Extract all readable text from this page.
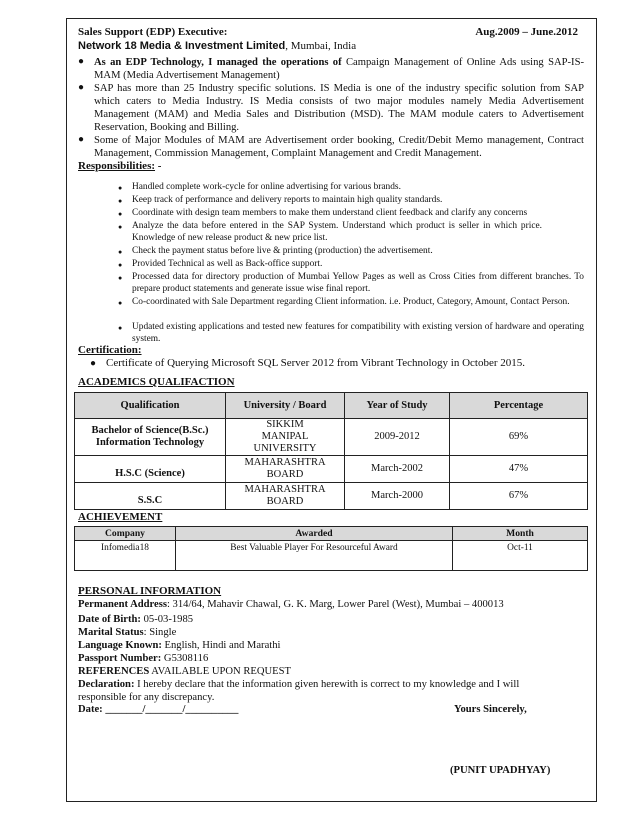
Sales Support (EDP) Executive:	Aug.2009 – June.2012
Network 18 Media & Investment Limited, Mumbai, India
● As an EDP Technology, I managed the operations of Campaign Management of Online Ads using SAP-IS-MAM (Media Advertisement Management)
● SAP has more than 25 Industry specific solutions. IS Media is one of the industry specific solution from SAP which caters to Media Industry. IS Media consists of two major modules namely Media Advertisement Management (MAM) and Media Sales and Distribution (MSD). The MAM module caters to Advertisement Reservation, Booking and Billing.
● Some of Major Modules of MAM are Advertisement order booking, Credit/Debit Memo management, Contract Management, Commission Management, Complaint Management and Credit Management.
Responsibilities: -
● Handled complete work-cycle for online advertising for various brands.
● Keep track of performance and delivery reports to maintain high quality standards.
● Coordinate with design team members to make them understand client feedback and clarify any concerns
● Analyze the data before entered in the SAP System. Understand which product is seller in which price. Knowledge of new release product & new price list.
● Check the payment status before live & printing (production) the advertisement.
● Provided Technical as well as Back-office support.
● Processed data for directory production of Mumbai Yellow Pages as well as Cross Cities from different branches. To prepare product statements and generate issue wise final report.
● Co-coordinated with Sale Department regarding Client information. i.e. Product, Category, Amount, Contact Person.
● Updated existing applications and tested new features for compatibility with existing version of hardware and operating system.
Certification:
● Certificate of Querying Microsoft SQL Server 2012 from Vibrant Technology in October 2015.
ACADEMICS QUALIFACTION
Qualification	University / Board	Year of Study	Percentage
Bachelor of Science(B.Sc.) Information Technology	SIKKIM MANIPAL UNIVERSITY	2009-2012	69%
H.S.C (Science)	MAHARASHTRA BOARD	March-2002	47%
S.S.C	MAHARASHTRA BOARD	March-2000	67%
ACHIEVEMENT
Company	Awarded	Month
Infomedia18	Best Valuable Player For Resourceful Award	Oct-11
PERSONAL INFORMATION
Permanent Address: 314/64, Mahavir Chawal, G. K. Marg, Lower Parel (West), Mumbai – 400013
Date of Birth: 05-03-1985
Marital Status: Single
Language Known: English, Hindi and Marathi
Passport Number: G5308116
REFERENCES AVAILABLE UPON REQUEST
Declaration: I hereby declare that the information given herewith is correct to my knowledge and I will responsible for any discrepancy.
Date: _______/_______/__________	Yours Sincerely,
(PUNIT UPADHYAY)
